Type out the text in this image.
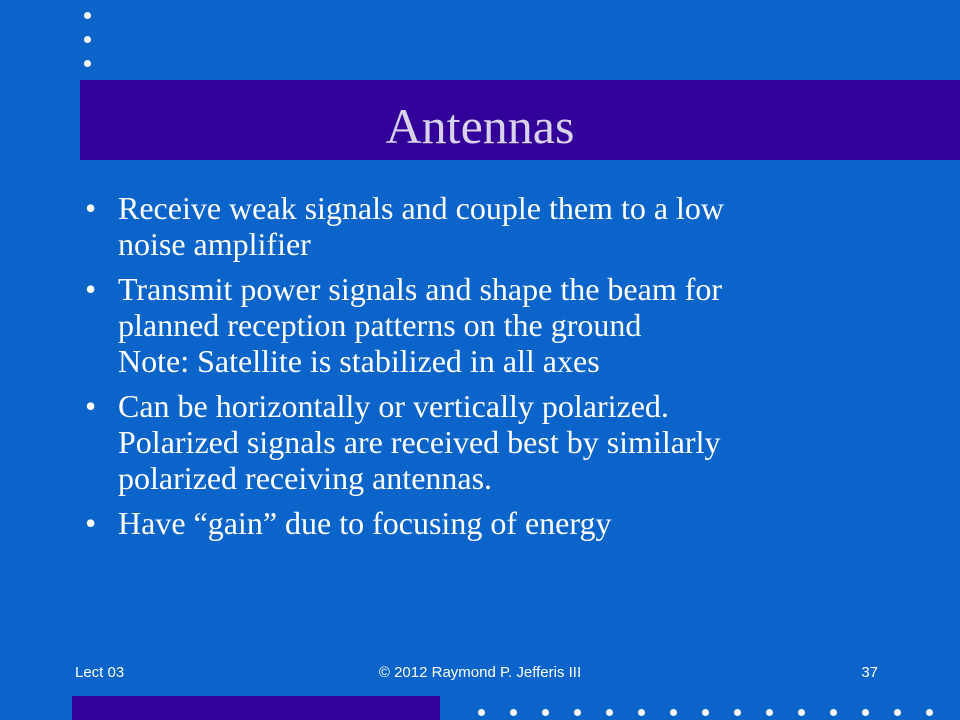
Antennas
• Receive weak signals and couple them to a low
noise amplifier
• Transmit power signals and shape the beam for
planned reception patterns on the ground
Note: Satellite is stabilized in all axes
• Can be horizontally or vertically polarized.
Polarized signals are received best by similarly
polarized receiving antennas.
• Have “gain” due to focusing of energy
Lect 03	© 2012 Raymond P. Jefferis III	37
